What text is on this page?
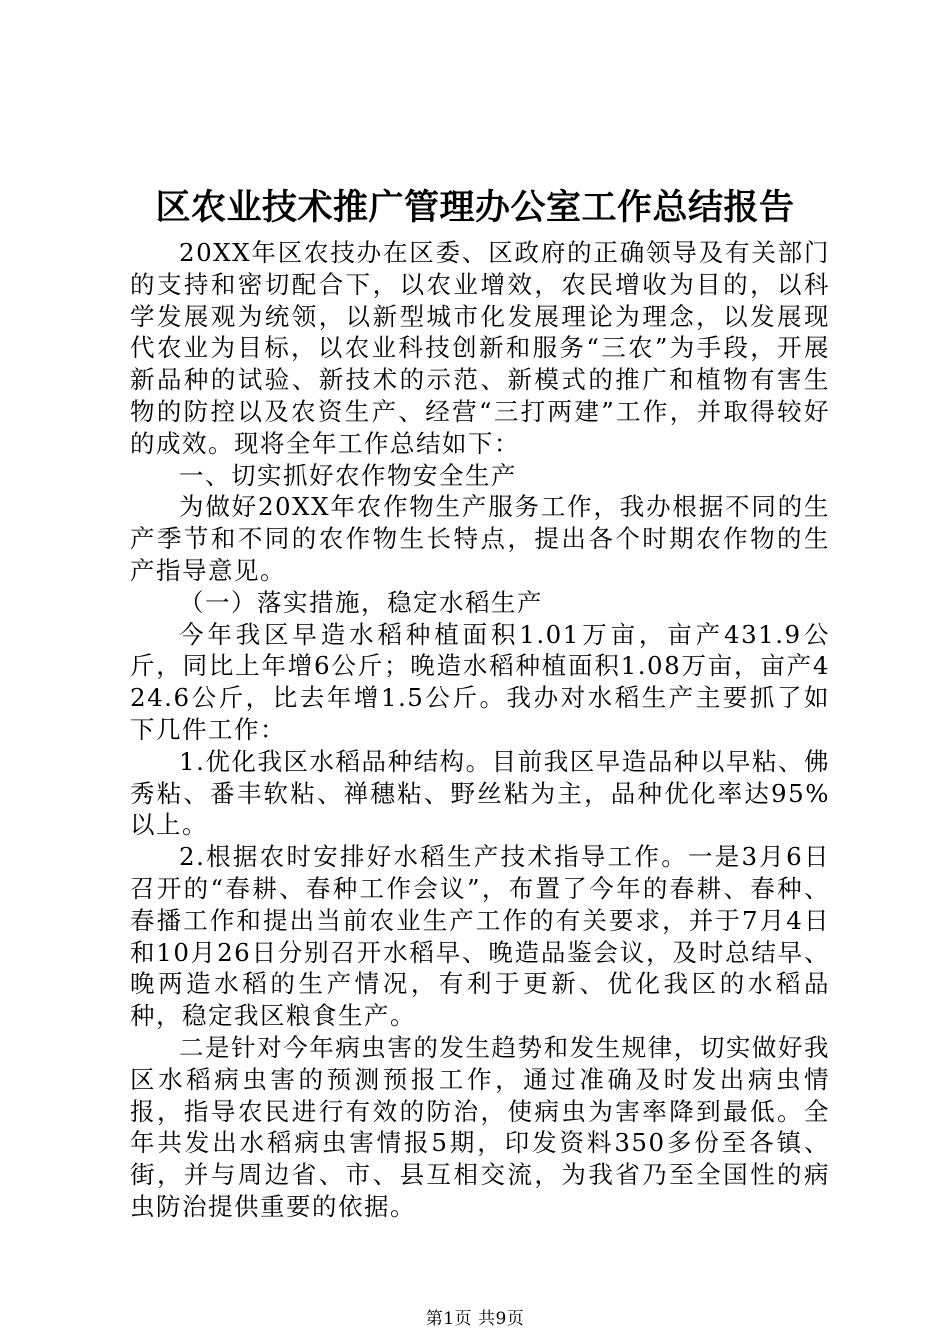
区农业技术推广管理办公室工作总结报告

20XX年区农技办在区委、区政府的正确领导及有关部门的支持和密切配合下，以农业增效，农民增收为目的，以科学发展观为统领，以新型城市化发展理论为理念，以发展现代农业为目标，以农业科技创新和服务“三农”为手段，开展新品种的试验、新技术的示范、新模式的推广和植物有害生物的防控以及农资生产、经营“三打两建”工作，并取得较好的成效。现将全年工作总结如下：

一、切实抓好农作物安全生产

为做好20XX年农作物生产服务工作，我办根据不同的生产季节和不同的农作物生长特点，提出各个时期农作物的生产指导意见。

（一）落实措施，稳定水稻生产

今年我区早造水稻种植面积1.01万亩，亩产431.9公斤，同比上年增6公斤；晚造水稻种植面积1.08万亩，亩产424.6公斤，比去年增1.5公斤。我办对水稻生产主要抓了如下几件工作：

1.优化我区水稻品种结构。目前我区早造品种以早粘、佛秀粘、番丰软粘、禅穗粘、野丝粘为主，品种优化率达95%以上。

2.根据农时安排好水稻生产技术指导工作。一是3月6日召开的“春耕、春种工作会议”，布置了今年的春耕、春种、春播工作和提出当前农业生产工作的有关要求，并于7月4日和10月26日分别召开水稻早、晚造品鉴会议，及时总结早、晚两造水稻的生产情况，有利于更新、优化我区的水稻品种，稳定我区粮食生产。

二是针对今年病虫害的发生趋势和发生规律，切实做好我区水稻病虫害的预测预报工作，通过准确及时发出病虫情报，指导农民进行有效的防治，使病虫为害率降到最低。全年共发出水稻病虫害情报5期，印发资料350多份至各镇、街，并与周边省、市、县互相交流，为我省乃至全国性的病虫防治提供重要的依据。

第1页 共9页
